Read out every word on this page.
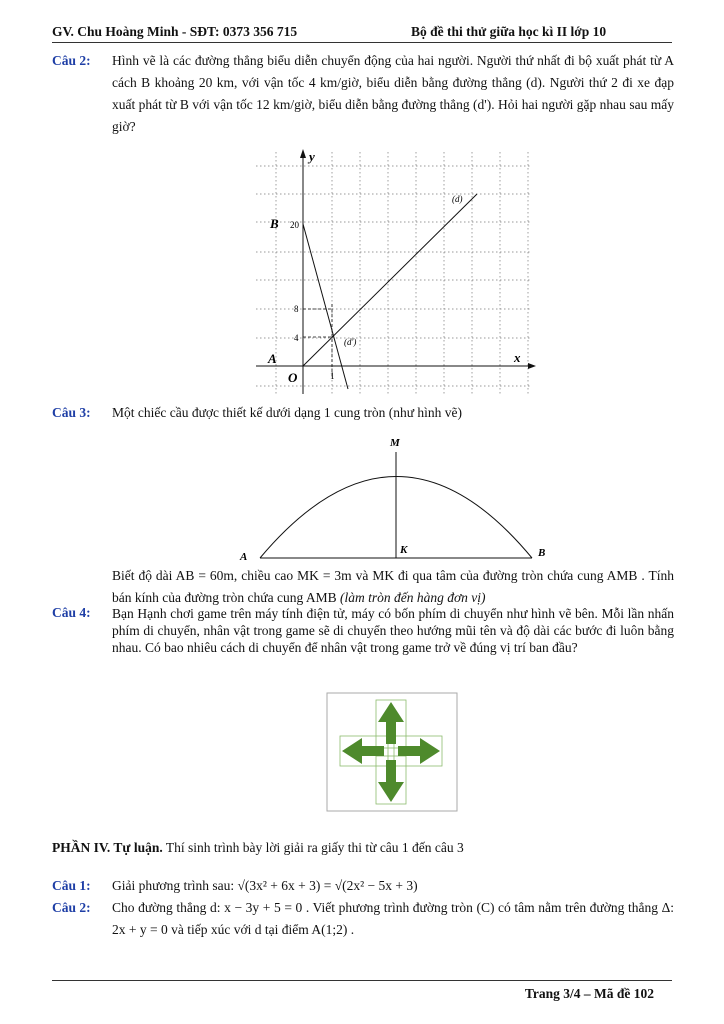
GV. Chu Hoàng Minh - SĐT: 0373 356 715	Bộ đề thi thử giữa học kì II lớp 10
Câu 2: Hình vẽ là các đường thẳng biểu diễn chuyển động của hai người. Người thứ nhất đi bộ xuất phát từ A cách B khoảng 20 km, với vận tốc 4 km/giờ, biểu diễn bằng đường thẳng (d). Người thứ 2 đi xe đạp xuất phát từ B với vận tốc 12 km/giờ, biểu diễn bằng đường thẳng (d'). Hỏi hai người gặp nhau sau mấy giờ?
y
x
O
B
A
20
8
4
1
(d)
(d')
Câu 3: Một chiếc cầu được thiết kế dưới dạng 1 cung tròn (như hình vẽ)
M
K
A	B
Biết độ dài AB = 60m, chiều cao MK = 3m và MK đi qua tâm của đường tròn chứa cung AMB . Tính bán kính của đường tròn chứa cung AMB (làm tròn đến hàng đơn vị)
Câu 4: Bạn Hạnh chơi game trên máy tính điện tử, máy có bốn phím di chuyển như hình vẽ bên. Mỗi lần nhấn phím di chuyển, nhân vật trong game sẽ di chuyển theo hướng mũi tên và độ dài các bước đi luôn bằng nhau. Có bao nhiêu cách di chuyển để nhân vật trong game trở về đúng vị trí ban đầu?
PHẦN IV. Tự luận. Thí sinh trình bày lời giải ra giấy thi từ câu 1 đến câu 3
Câu 1: Giải phương trình sau: √(3x² + 6x + 3) = √(2x² − 5x + 3)
Câu 2: Cho đường thẳng d: x − 3y + 5 = 0 . Viết phương trình đường tròn (C) có tâm nằm trên đường thẳng Δ: 2x + y = 0 và tiếp xúc với d tại điểm A(1;2) .
Trang 3/4 – Mã đề 102
